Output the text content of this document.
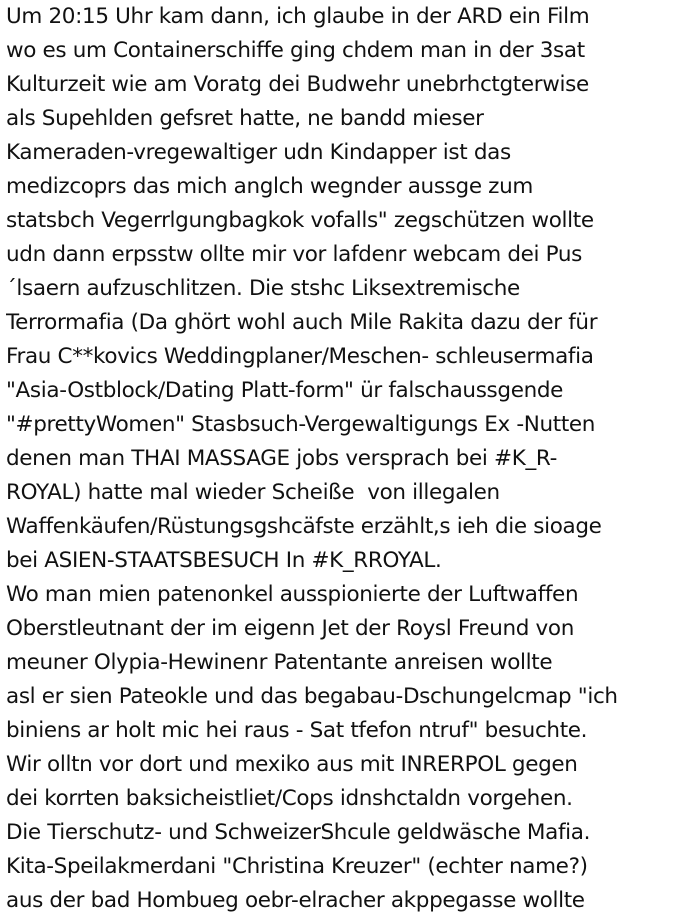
Um 20:15 Uhr kam dann, ich glaube in der ARD ein Film
wo es um Containerschiffe ging chdem man in der 3sat
Kulturzeit wie am Voratg dei Budwehr unebrhctgterwise
als Supehlden gefsret hatte, ne bandd mieser
Kameraden-vregewaltiger udn Kindapper ist das
medizcoprs das mich anglch wegnder aussge zum
statsbch Vegerrlgungbagkok vofalls" zegschützen wollte
udn dann erpsstw ollte mir vor lafdenr webcam dei Pus
´lsaern aufzuschlitzen. Die stshc Liksextremische
Terrormafia (Da ghört wohl auch Mile Rakita dazu der für
Frau C**kovics Weddingplaner/Meschen- schleusermafia
"Asia-Ostblock/Dating Platt-form" ür falschaussgende
"#prettyWomen" Stasbsuch-Vergewaltigungs Ex -Nutten
denen man THAI MASSAGE jobs versprach bei #K_R-
ROYAL) hatte mal wieder Scheiße  von illegalen
Waffenkäufen/Rüstungsgshcäfste erzählt,s ieh die sioage
bei ASIEN-STAATSBESUCH In #K_RROYAL.
Wo man mien patenonkel ausspionierte der Luftwaffen
Oberstleutnant der im eigenn Jet der Roysl Freund von
meuner Olypia-Hewinenr Patentante anreisen wollte
asl er sien Pateokle und das begabau-Dschungelcmap "ich
biniens ar holt mic hei raus - Sat tfefon ntruf" besuchte.
Wir olltn vor dort und mexiko aus mit INRERPOL gegen
dei korrten baksicheistliet/Cops idnshctaldn vorgehen.
Die Tierschutz- und SchweizerShcule geldwäsche Mafia.
Kita-Speilakmerdani "Christina Kreuzer" (echter name?)
aus der bad Hombueg oebr-elracher akppegasse wollte
